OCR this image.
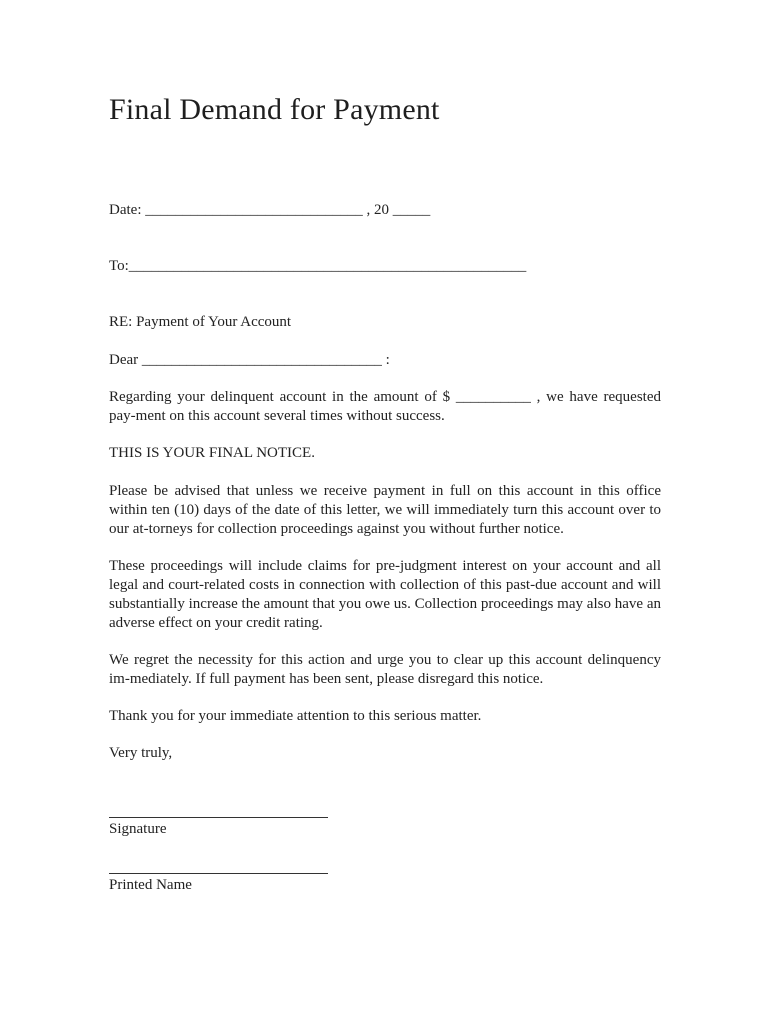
Final Demand for Payment
Date: _____________________________ , 20 _____
To:_____________________________________________________
RE: Payment of Your Account
Dear ________________________________ :
Regarding your delinquent account in the amount of $ __________ , we have requested pay-ment on this account several times without success.
THIS IS YOUR FINAL NOTICE.
Please be advised that unless we receive payment in full on this account in this office within ten (10) days of the date of this letter, we will immediately turn this account over to our at-torneys for collection proceedings against you without further notice.
These proceedings will include claims for pre-judgment interest on your account and all legal and court-related costs in connection with collection of this past-due account and will substantially increase the amount that you owe us. Collection proceedings may also have an adverse effect on your credit rating.
We regret the necessity for this action and urge you to clear up this account delinquency im-mediately. If full payment has been sent, please disregard this notice.
Thank you for your immediate attention to this serious matter.
Very truly,
Signature
Printed Name
